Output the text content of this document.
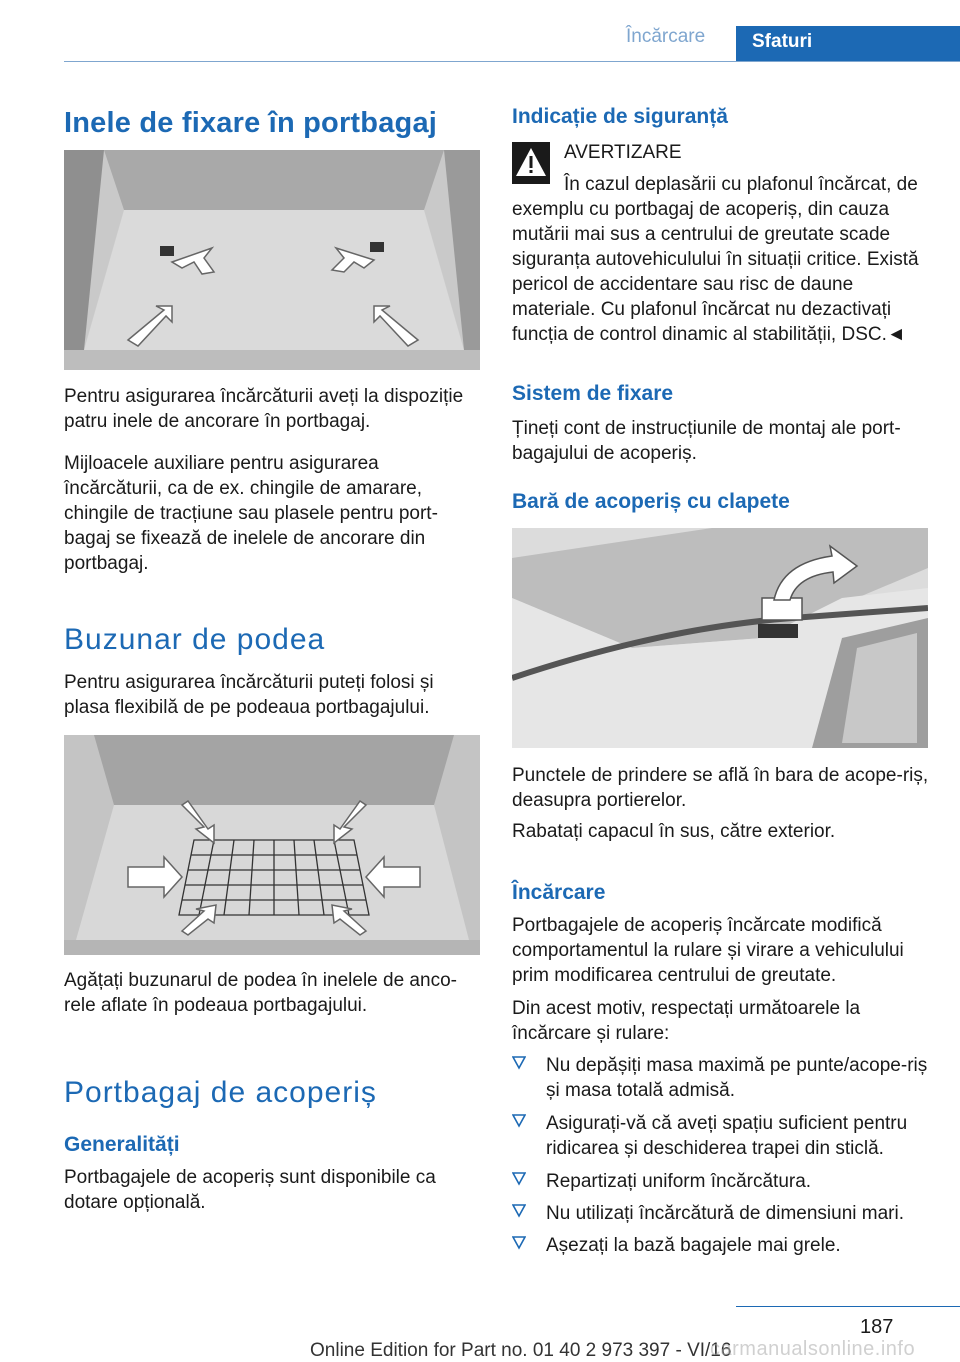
Încărcare	Sfaturi
Inele de fixare în portbagaj

Pentru asigurarea încărcăturii aveți la dispoziție patru inele de ancorare în portbagaj.

Mijloacele auxiliare pentru asigurarea încărcăturii, ca de ex. chingile de amarare, chingile de tracțiune sau plasele pentru port-bagaj se fixează de inelele de ancorare din portbagaj.

Buzunar de podea

Pentru asigurarea încărcăturii puteți folosi și plasa flexibilă de pe podeaua portbagajului.

Agățați buzunarul de podea în inelele de anco-rele aflate în podeaua portbagajului.

Portbagaj de acoperiș
Generalități

Portbagajele de acoperiș sunt disponibile ca dotare opțională.

Indicație de siguranță
AVERTIZARE
În cazul deplasării cu plafonul încărcat, de exemplu cu portbagaj de acoperiș, din cauza mutării mai sus a centrului de greutate scade siguranța autovehiculului în situații critice. Există pericol de accidentare sau risc de daune materiale. Cu plafonul încărcat nu dezactivați funcția de control dinamic al stabilității, DSC.◄
Sistem de fixare

Țineți cont de instrucțiunile de montaj ale port-bagajului de acoperiș.

Bară de acoperiș cu clapete

Punctele de prindere se află în bara de acope-riș, deasupra portierelor.

Rabatați capacul în sus, către exterior.

Încărcare

Portbagajele de acoperiș încărcate modifică comportamentul la rulare și virare a vehiculului prim modificarea centrului de greutate.

Din acest motiv, respectați următoarele la încărcare și rulare:

Nu depășiți masa maximă pe punte/acope-riș și masa totală admisă.
Asigurați-vă că aveți spațiu suficient pentru ridicarea și deschiderea trapei din sticlă.
Repartizați uniform încărcătura.
Nu utilizați încărcătură de dimensiuni mari.
Așezați la bază bagajele mai grele.
187
Online Edition for Part no. 01 40 2 973 397 - VI/16
carmanualsonline.info
